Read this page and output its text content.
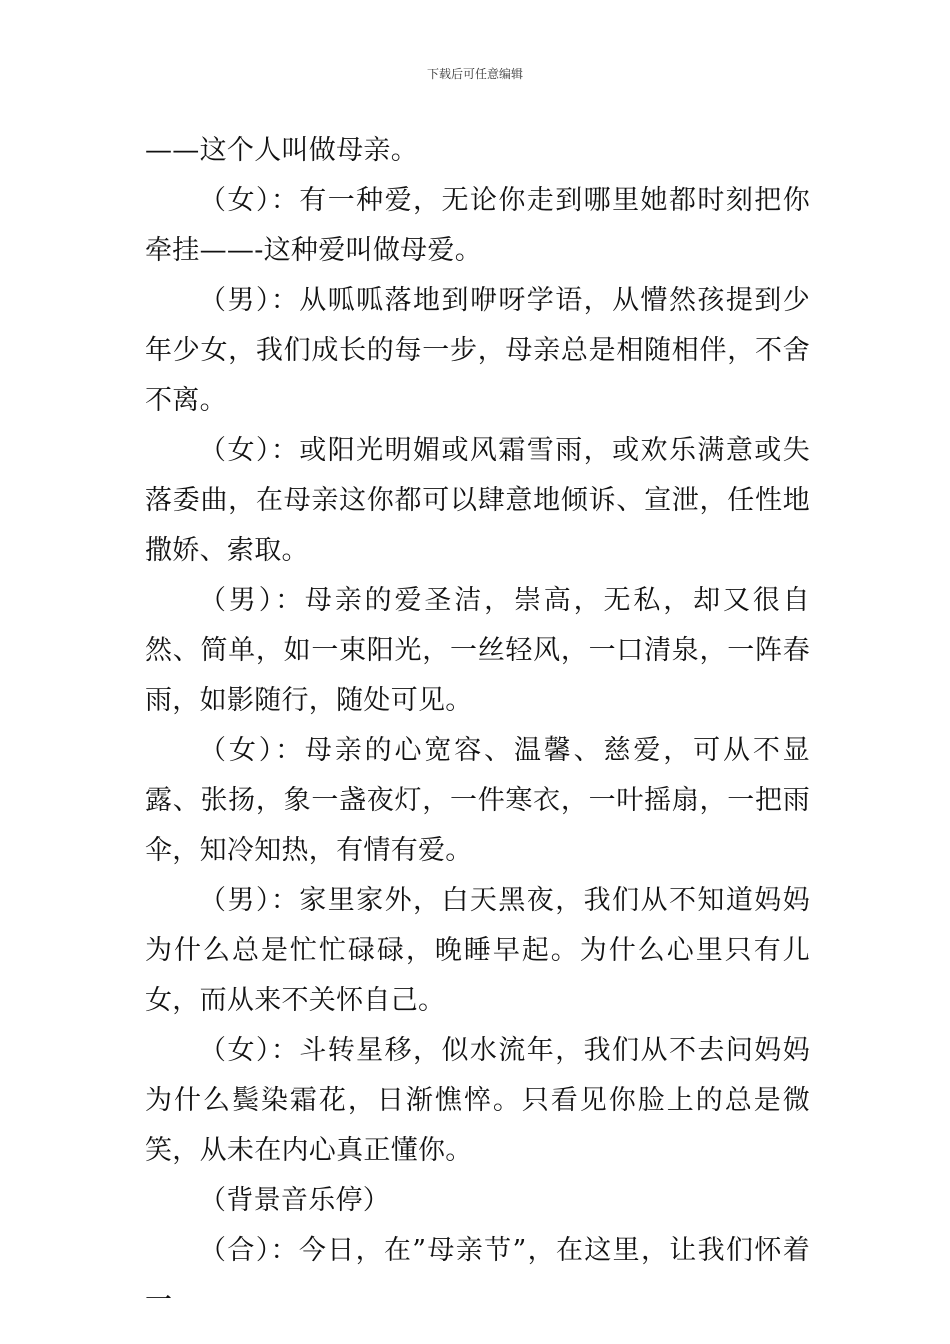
下载后可任意编辑

——这个人叫做母亲。

（女）：有一种爱，无论你走到哪里她都时刻把你牵挂——-这种爱叫做母爱。

（男）：从呱呱落地到咿呀学语，从懵然孩提到少年少女，我们成长的每一步，母亲总是相随相伴，不舍不离。

（女）：或阳光明媚或风霜雪雨，或欢乐满意或失落委曲，在母亲这你都可以肆意地倾诉、宣泄，任性地撒娇、索取。

（男）：母亲的爱圣洁，崇高，无私，却又很自然、简单，如一束阳光，一丝轻风，一口清泉，一阵春雨，如影随行，随处可见。

（女）：母亲的心宽容、温馨、慈爱，可从不显露、张扬，象一盏夜灯，一件寒衣，一叶摇扇，一把雨伞，知冷知热，有情有爱。

（男）：家里家外，白天黑夜，我们从不知道妈妈为什么总是忙忙碌碌，晚睡早起。为什么心里只有儿女，而从来不关怀自己。

（女）：斗转星移，似水流年，我们从不去问妈妈为什么鬓染霜花，日渐憔悴。只看见你脸上的总是微笑，从未在内心真正懂你。

（背景音乐停）

（合）：今日，在”母亲节”，在这里，让我们怀着一
